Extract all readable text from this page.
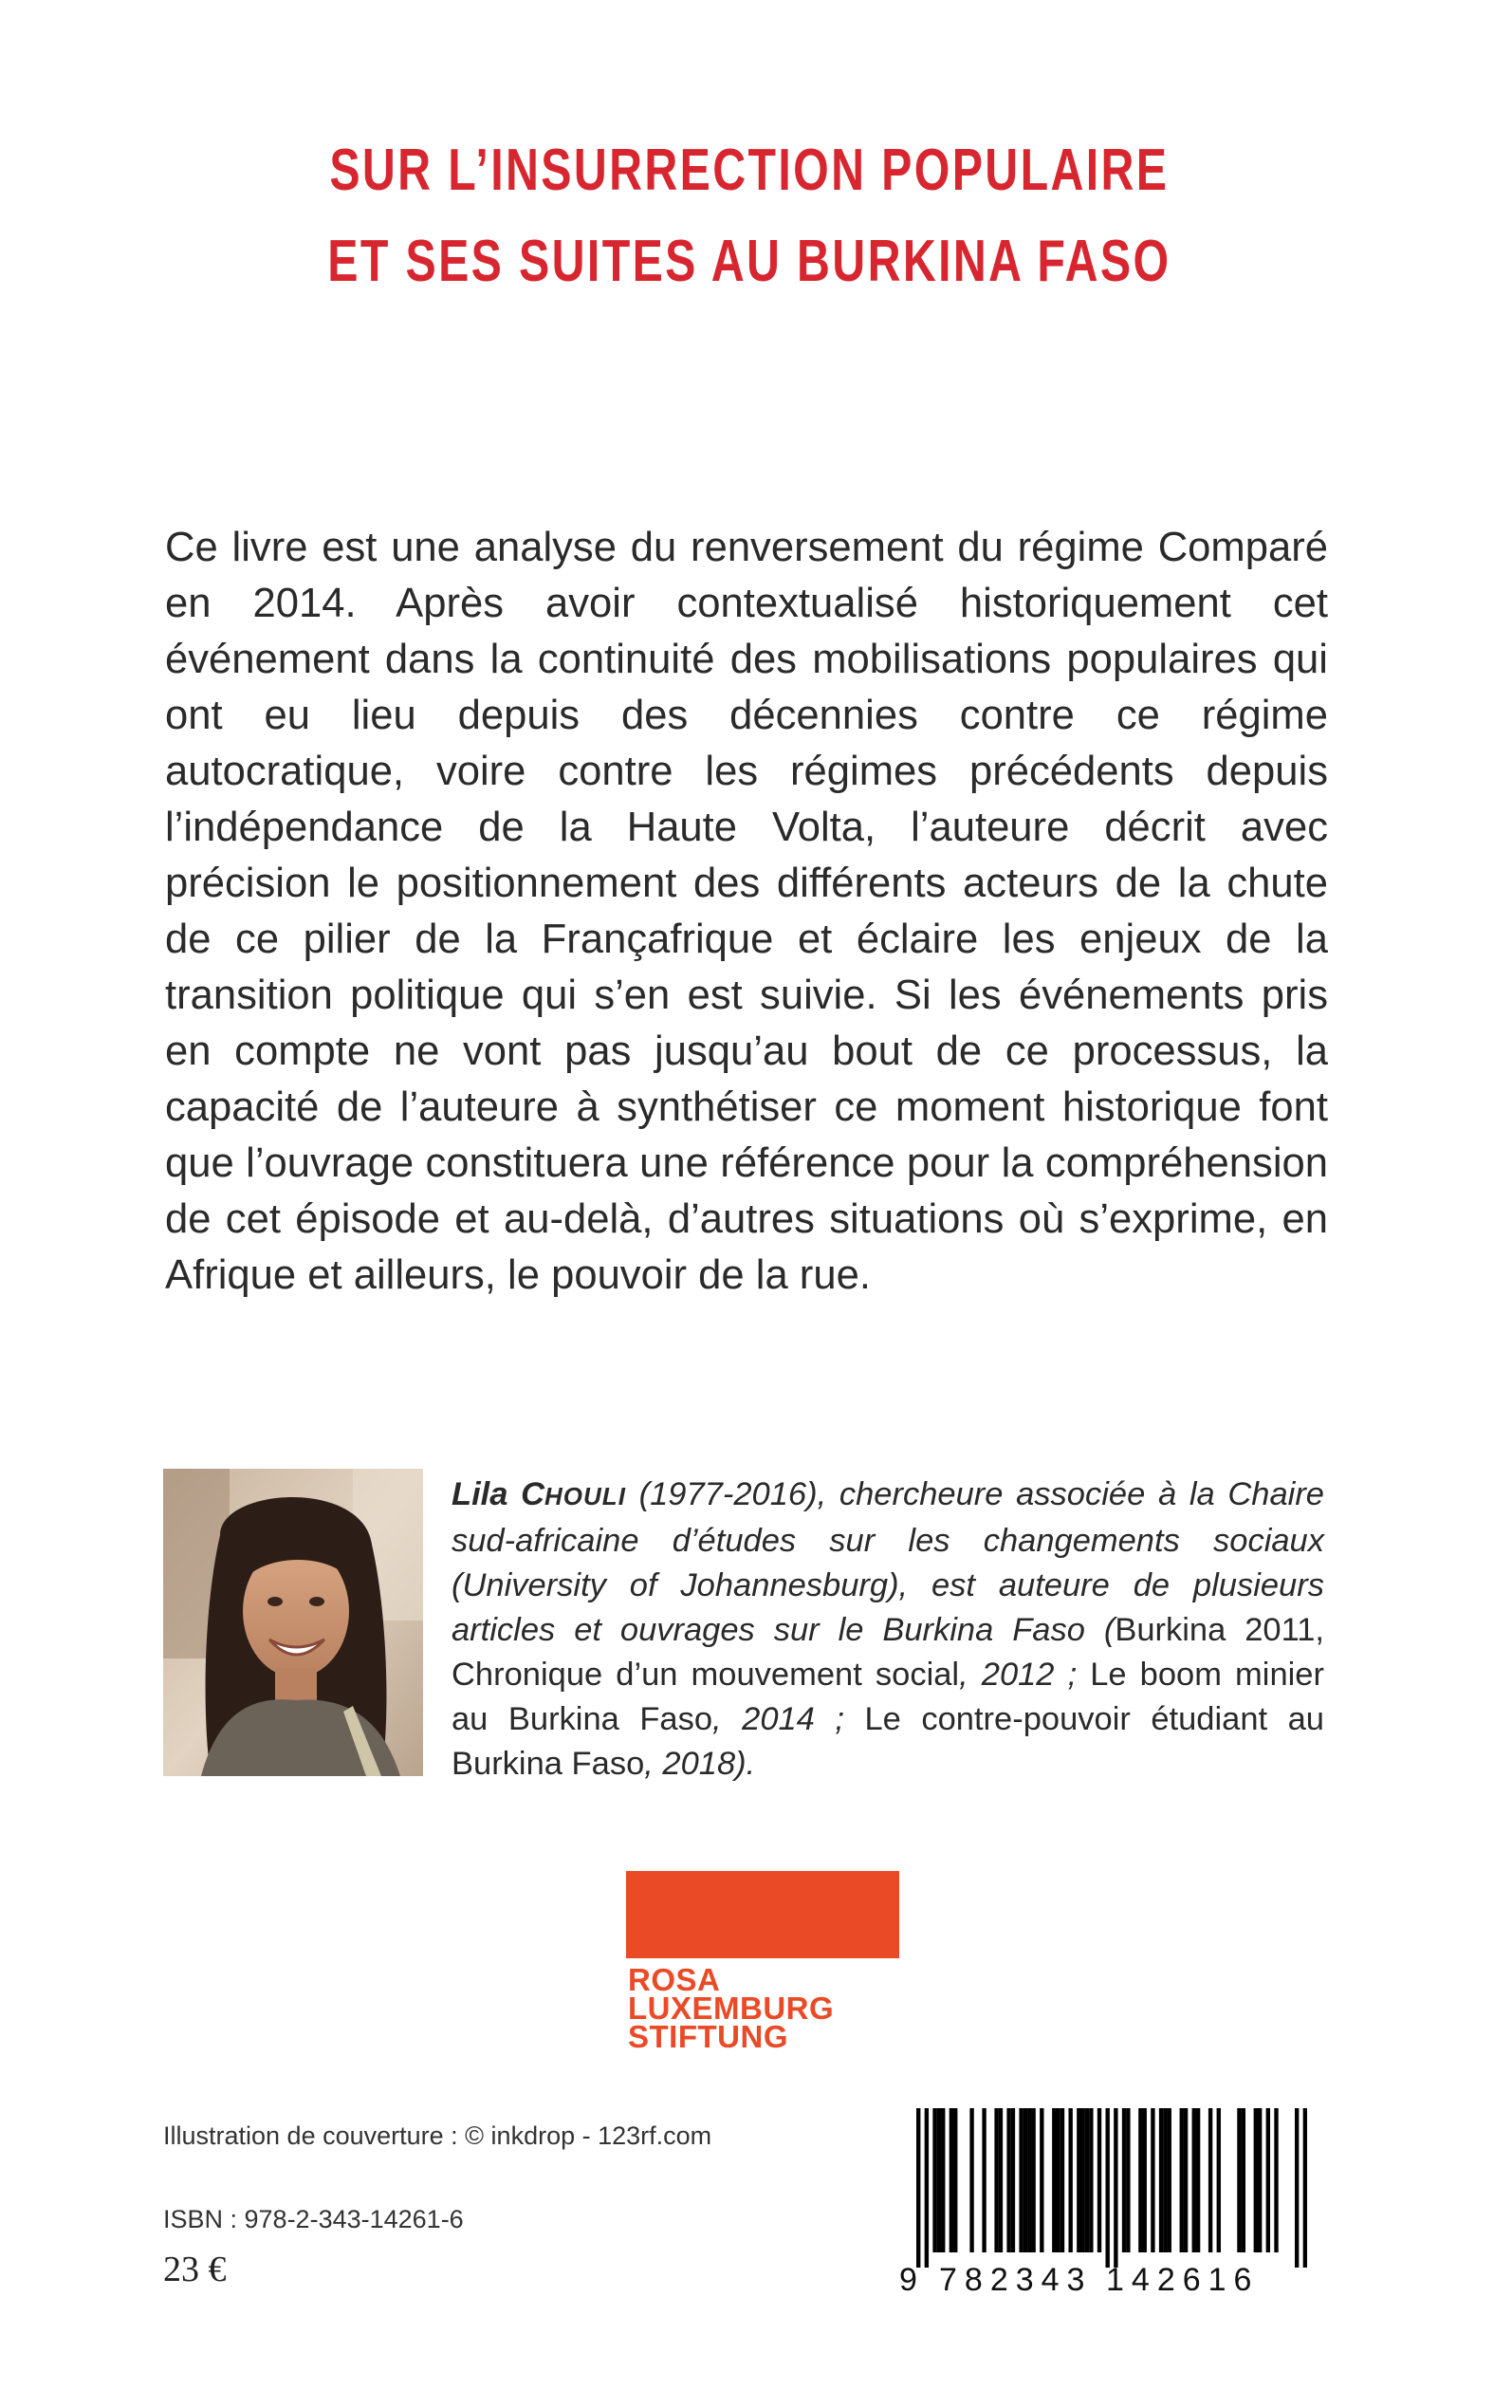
SUR L’INSURRECTION POPULAIRE
ET SES SUITES AU BURKINA FASO

Ce livre est une analyse du renversement du régime Comparé en 2014. Après avoir contextualisé historiquement cet événement dans la continuité des mobilisations populaires qui ont eu lieu depuis des décennies contre ce régime autocratique, voire contre les régimes précédents depuis l’indépendance de la Haute Volta, l’auteure décrit avec précision le positionnement des différents acteurs de la chute de ce pilier de la Françafrique et éclaire les enjeux de la transition politique qui s’en est suivie. Si les événements pris en compte ne vont pas jusqu’au bout de ce processus, la capacité de l’auteure à synthétiser ce moment historique font que l’ouvrage constituera une référence pour la compréhension de cet épisode et au-delà, d’autres situations où s’exprime, en Afrique et ailleurs, le pouvoir de la rue.

Lila CHOULI (1977-2016), chercheure associée à la Chaire sud-africaine d’études sur les changements sociaux (University of Johannesburg), est auteure de plusieurs articles et ouvrages sur le Burkina Faso (Burkina 2011, Chronique d’un mouvement social, 2012 ; Le boom minier au Burkina Faso, 2014 ; Le contre-pouvoir étudiant au Burkina Faso, 2018).

ROSA
LUXEMBURG
STIFTUNG

Illustration de couverture : © inkdrop - 123rf.com

ISBN : 978-2-343-14261-6

23 €	9 782343 142616
